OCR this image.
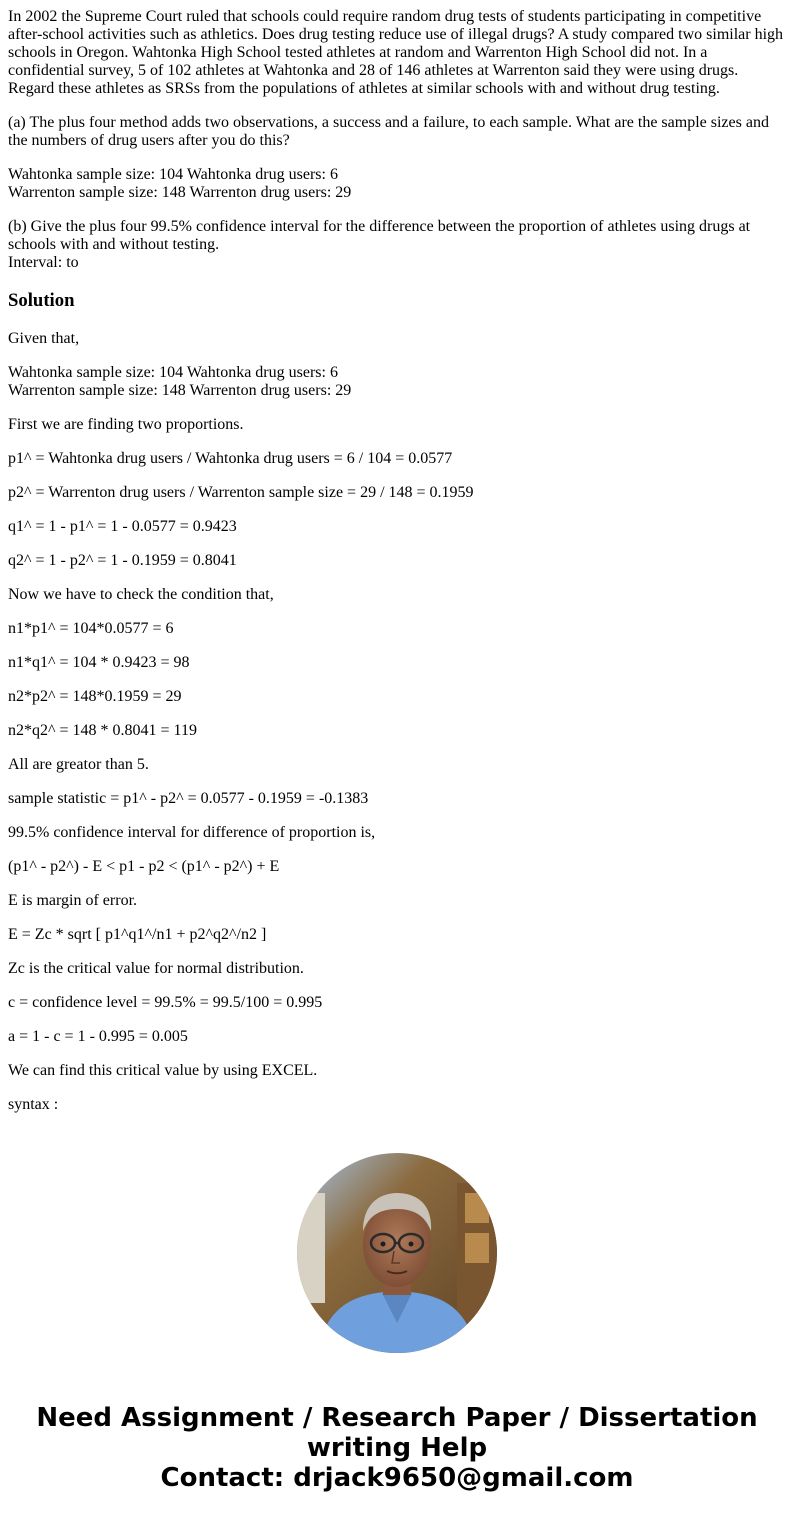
In 2002 the Supreme Court ruled that schools could require random drug tests of students participating in competitive after-school activities such as athletics. Does drug testing reduce use of illegal drugs? A study compared two similar high schools in Oregon. Wahtonka High School tested athletes at random and Warrenton High School did not. In a confidential survey, 5 of 102 athletes at Wahtonka and 28 of 146 athletes at Warrenton said they were using drugs. Regard these athletes as SRSs from the populations of athletes at similar schools with and without drug testing.

(a) The plus four method adds two observations, a success and a failure, to each sample. What are the sample sizes and the numbers of drug users after you do this?

Wahtonka sample size: 104 Wahtonka drug users: 6
Warrenton sample size: 148 Warrenton drug users: 29

(b) Give the plus four 99.5% confidence interval for the difference between the proportion of athletes using drugs at schools with and without testing.
Interval: to

Solution

Given that,

Wahtonka sample size: 104 Wahtonka drug users: 6
Warrenton sample size: 148 Warrenton drug users: 29

First we are finding two proportions.

p1^ = Wahtonka drug users / Wahtonka drug users = 6 / 104 = 0.0577

p2^ = Warrenton drug users / Warrenton sample size = 29 / 148 = 0.1959

q1^ = 1 - p1^ = 1 - 0.0577 = 0.9423

q2^ = 1 - p2^ = 1 - 0.1959 = 0.8041

Now we have to check the condition that,

n1*p1^ = 104*0.0577 = 6

n1*q1^ = 104 * 0.9423 = 98

n2*p2^ = 148*0.1959 = 29

n2*q2^ = 148 * 0.8041 = 119

All are greator than 5.

sample statistic = p1^ - p2^ = 0.0577 - 0.1959 = -0.1383

99.5% confidence interval for difference of proportion is,

(p1^ - p2^) - E < p1 - p2 < (p1^ - p2^) + E

E is margin of error.

E = Zc * sqrt [ p1^q1^/n1 + p2^q2^/n2 ]

Zc is the critical value for normal distribution.

c = confidence level = 99.5% = 99.5/100 = 0.995

a = 1 - c = 1 - 0.995 = 0.005

We can find this critical value by using EXCEL.

syntax :

Need Assignment / Research Paper / Dissertation
writing Help
Contact: drjack9650@gmail.com
